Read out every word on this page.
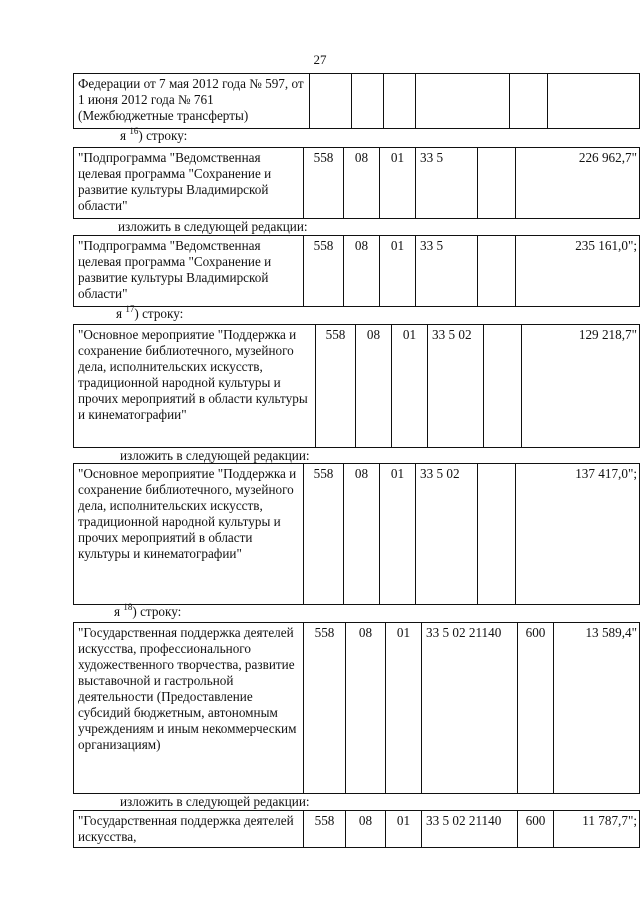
27
Федерации от 7 мая 2012 года № 597, от 1 июня 2012 года № 761 (Межбюджетные трансферты)						
я $^{16}$) строку:
"Подпрограмма "Ведомственная целевая программа "Сохранение и развитие культуры Владимирской области"	558	08	01	33 5		226 962,7"
изложить в следующей редакции:
"Подпрограмма "Ведомственная целевая программа "Сохранение и развитие культуры Владимирской области"	558	08	01	33 5		235 161,0";
я $^{17}$) строку:
"Основное мероприятие "Поддержка и сохранение библиотечного, музейного дела, исполнительских искусств, традиционной народной культуры и прочих мероприятий в области культуры и кинематографии"	558	08	01	33 5 02		129 218,7"
изложить в следующей редакции:
"Основное мероприятие "Поддержка и сохранение библиотечного, музейного дела, исполнительских искусств, традиционной народной культуры и прочих мероприятий в области культуры и кинематографии"	558	08	01	33 5 02		137 417,0";
я $^{18}$) строку:
"Государственная поддержка деятелей искусства, профессионального художественного творчества, развитие выставочной и гастрольной деятельности (Предоставление субсидий бюджетным, автономным учреждениям и иным некоммерческим организациям)	558	08	01	33 5 02 21140	600	13 589,4"
изложить в следующей редакции:
"Государственная поддержка деятелей искусства,	558	08	01	33 5 02 21140	600	11 787,7";
